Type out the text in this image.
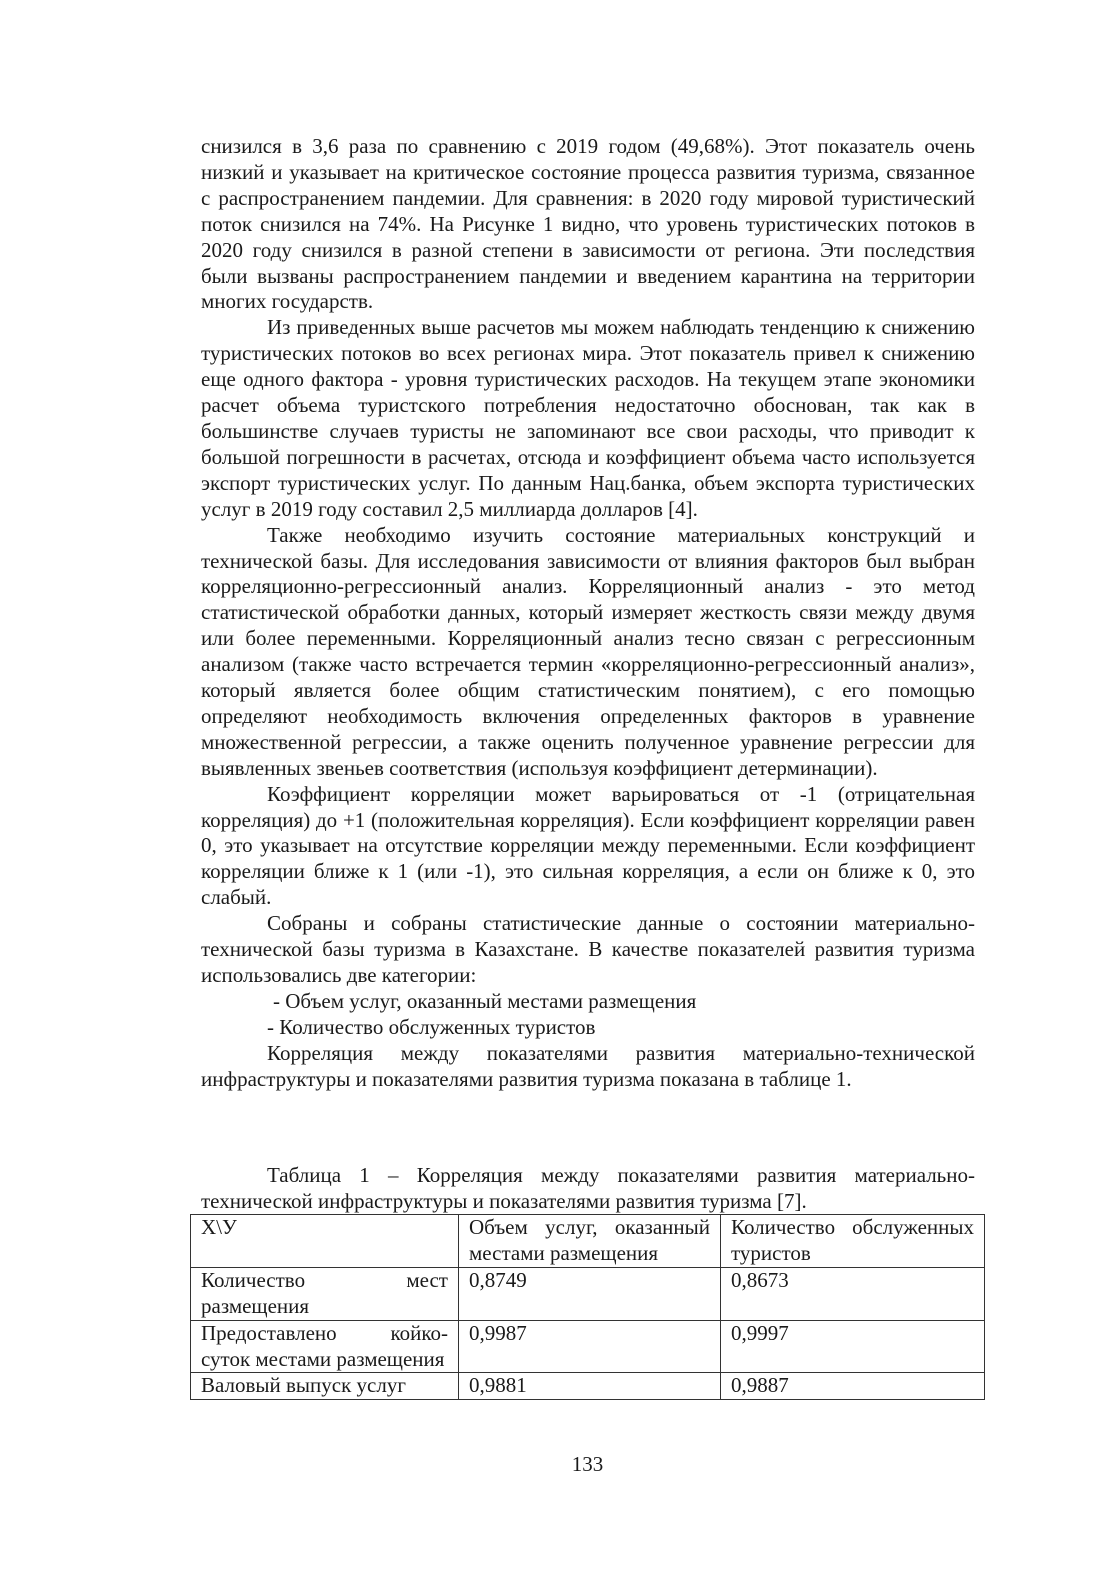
снизился в 3,6 раза по сравнению с 2019 годом (49,68%). Этот показатель очень низкий и указывает на критическое состояние процесса развития туризма, связанное с распространением пандемии. Для сравнения: в 2020 году мировой туристический поток снизился на 74%. На Рисунке 1 видно, что уровень туристических потоков в 2020 году снизился в разной степени в зависимости от региона. Эти последствия были вызваны распространением пандемии и введением карантина на территории многих государств.

Из приведенных выше расчетов мы можем наблюдать тенденцию к снижению туристических потоков во всех регионах мира. Этот показатель привел к снижению еще одного фактора - уровня туристических расходов. На текущем этапе экономики расчет объема туристского потребления недостаточно обоснован, так как в большинстве случаев туристы не запоминают все свои расходы, что приводит к большой погрешности в расчетах, отсюда и коэффициент объема часто используется экспорт туристических услуг. По данным Нац.банка, объем экспорта туристических услуг в 2019 году составил 2,5 миллиарда долларов [4].

Также необходимо изучить состояние материальных конструкций и технической базы. Для исследования зависимости от влияния факторов был выбран корреляционно-регрессионный анализ. Корреляционный анализ - это метод статистической обработки данных, который измеряет жесткость связи между двумя или более переменными. Корреляционный анализ тесно связан с регрессионным анализом (также часто встречается термин «корреляционно-регрессионный анализ», который является более общим статистическим понятием), с его помощью определяют необходимость включения определенных факторов в уравнение множественной регрессии, а также оценить полученное уравнение регрессии для выявленных звеньев соответствия (используя коэффициент детерминации).

Коэффициент корреляции может варьироваться от -1 (отрицательная корреляция) до +1 (положительная корреляция). Если коэффициент корреляции равен 0, это указывает на отсутствие корреляции между переменными. Если коэффициент корреляции ближе к 1 (или -1), это сильная корреляция, а если он ближе к 0, это слабый.

Собраны и собраны статистические данные о состоянии материально-технической базы туризма в Казахстане. В качестве показателей развития туризма использовались две категории:

- Объем услуг, оказанный местами размещения

- Количество обслуженных туристов

Корреляция между показателями развития материально-технической инфраструктуры и показателями развития туризма показана в таблице 1.

Таблица 1 – Корреляция между показателями развития материально-технической инфраструктуры и показателями развития туризма [7].

Х\У	Объем услуг, оказанный местами размещения	Количество обслуженных туристов
Количество мест размещения	0,8749	0,8673
Предоставлено койко-суток местами размещения	0,9987	0,9997
Валовый выпуск услуг	0,9881	0,9887
133
